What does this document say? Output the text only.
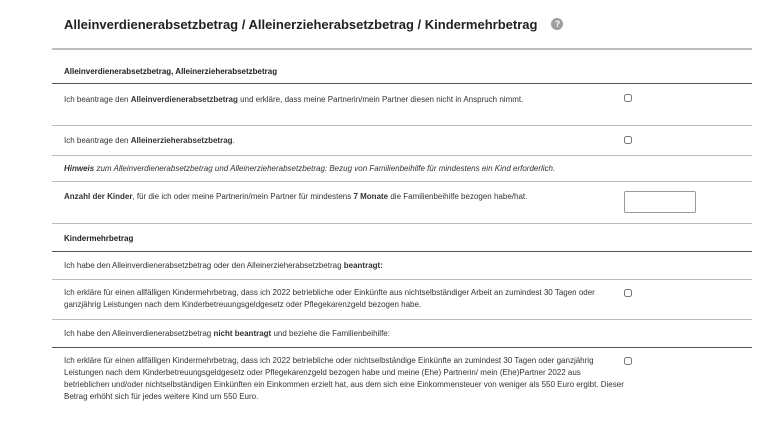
Alleinverdienerabsetzbetrag / Alleinerzieherabsetzbetrag / Kindermehrbetrag	?
Alleinverdienerabsetzbetrag, Alleinerzieherabsetzbetrag
Ich beantrage den Alleinverdienerabsetzbetrag und erkläre, dass meine Partnerin/mein Partner diesen nicht in Anspruch nimmt.
Ich beantrage den Alleinerzieherabsetzbetrag.
Hinweis zum Alleinverdienerabsetzbetrag und Alleinerzieherabsetzbetrag: Bezug von Familienbeihilfe für mindestens ein Kind erforderlich.
Anzahl der Kinder, für die ich oder meine Partnerin/mein Partner für mindestens 7 Monate die Familienbeihilfe bezogen habe/hat.
Kindermehrbetrag
Ich habe den Alleinverdienerabsetzbetrag oder den Alleinerzieherabsetzbetrag beantragt:
Ich erkläre für einen allfälligen Kindermehrbetrag, dass ich 2022 betriebliche oder Einkünfte aus nichtselbständiger Arbeit an zumindest 30 Tagen oder ganzjährig Leistungen nach dem Kinderbetreuungsgeldgesetz oder Pflegekarenzgeld bezogen habe.
Ich habe den Alleinverdienerabsetzbetrag nicht beantragt und beziehe die Familienbeihilfe:
Ich erkläre für einen allfälligen Kindermehrbetrag, dass ich 2022 betriebliche oder nichtselbständige Einkünfte an zumindest 30 Tagen oder ganzjährig Leistungen nach dem Kinderbetreuungsgeldgesetz oder Pflegekarenzgeld bezogen habe und meine (Ehe) Partnerin/ mein (Ehe)Partner 2022 aus betrieblichen und/oder nichtselbständigen Einkünften ein Einkommen erzielt hat, aus dem sich eine Einkommensteuer von weniger als 550 Euro ergibt. Dieser Betrag erhöht sich für jedes weitere Kind um 550 Euro.
